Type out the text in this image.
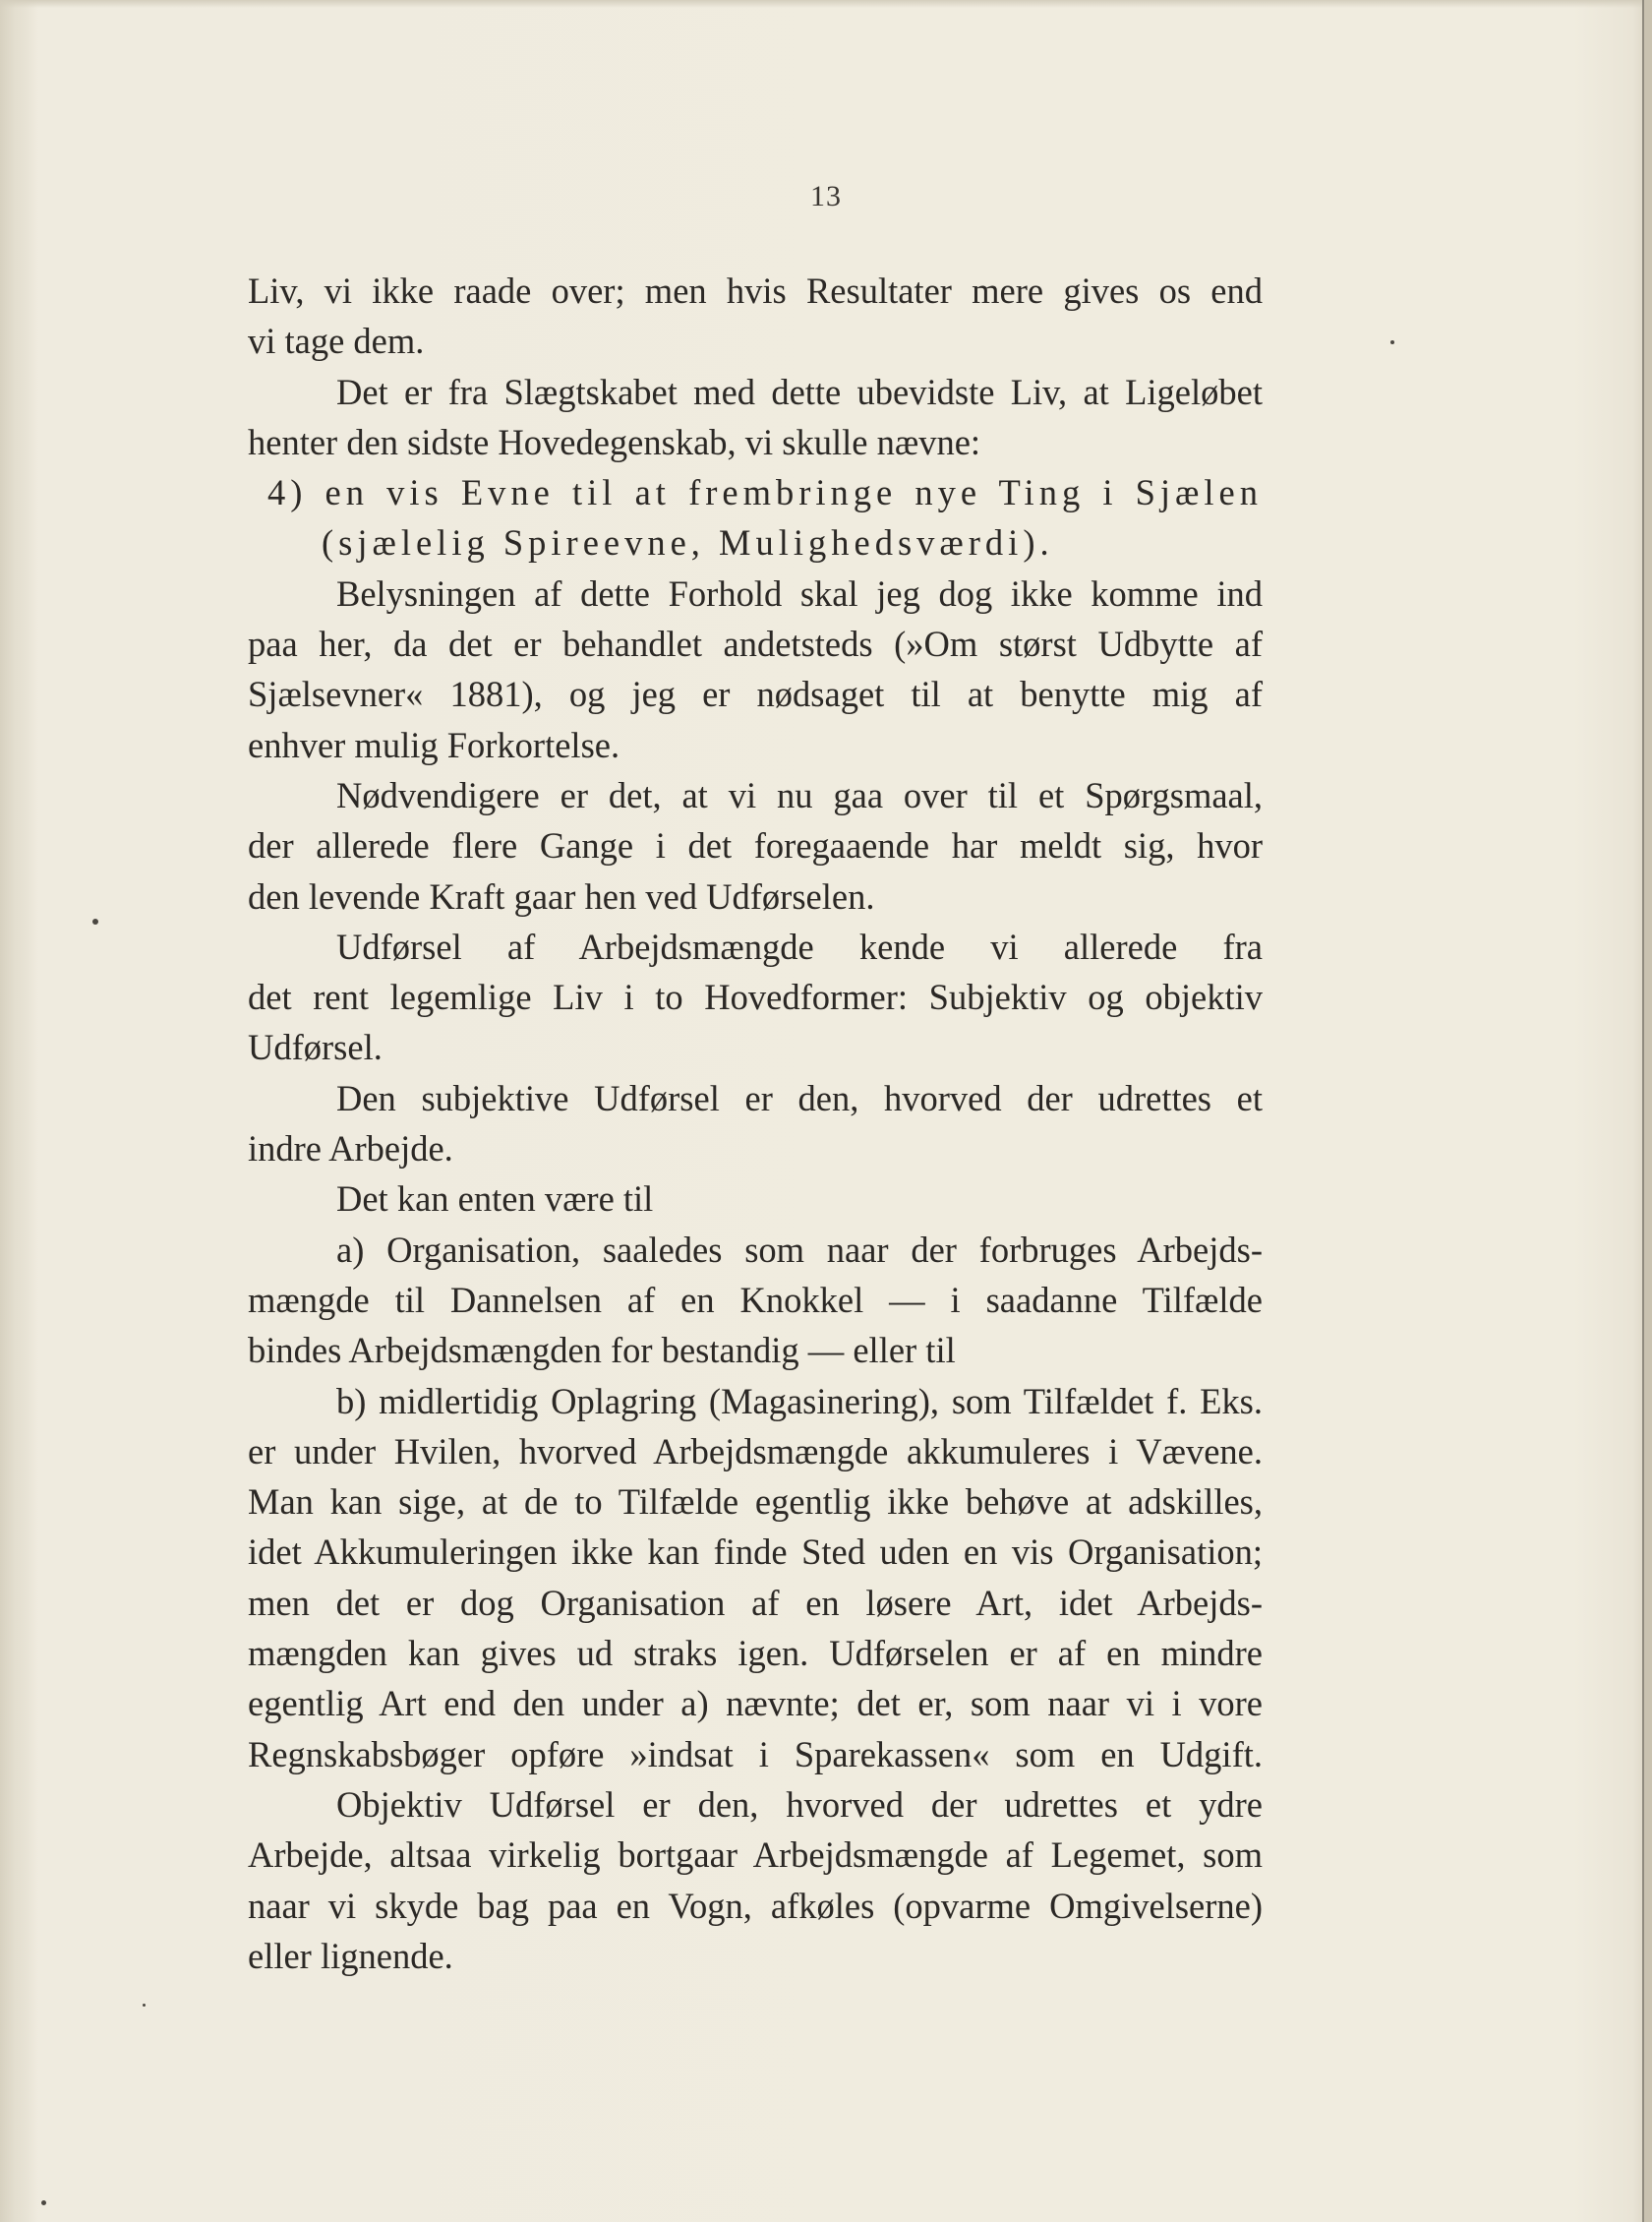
13
Liv, vi ikke raade over; men hvis Resultater mere gives os end
vi tage dem.
Det er fra Slægtskabet med dette ubevidste Liv, at Ligeløbet
henter den sidste Hovedegenskab, vi skulle nævne:
4) en vis Evne til at frembringe nye Ting i Sjælen
(sjælelig Spireevne, Mulighedsværdi).
Belysningen af dette Forhold skal jeg dog ikke komme ind
paa her, da det er behandlet andetsteds (»Om størst Udbytte af
Sjælsevner« 1881), og jeg er nødsaget til at benytte mig af
enhver mulig Forkortelse.
Nødvendigere er det, at vi nu gaa over til et Spørgsmaal,
der allerede flere Gange i det foregaaende har meldt sig, hvor
den levende Kraft gaar hen ved Udførselen.
Udførsel af Arbejdsmængde kende vi allerede fra
det rent legemlige Liv i to Hovedformer: Subjektiv og objektiv
Udførsel.
Den subjektive Udførsel er den, hvorved der udrettes et
indre Arbejde.
Det kan enten være til
a) Organisation, saaledes som naar der forbruges Arbejds-
mængde til Dannelsen af en Knokkel — i saadanne Tilfælde
bindes Arbejdsmængden for bestandig — eller til
b) midlertidig Oplagring (Magasinering), som Tilfældet f. Eks.
er under Hvilen, hvorved Arbejdsmængde akkumuleres i Vævene.
Man kan sige, at de to Tilfælde egentlig ikke behøve at adskilles,
idet Akkumuleringen ikke kan finde Sted uden en vis Organisation;
men det er dog Organisation af en løsere Art, idet Arbejds-
mængden kan gives ud straks igen. Udførselen er af en mindre
egentlig Art end den under a) nævnte; det er, som naar vi i vore
Regnskabsbøger opføre »indsat i Sparekassen« som en Udgift.
Objektiv Udførsel er den, hvorved der udrettes et ydre
Arbejde, altsaa virkelig bortgaar Arbejdsmængde af Legemet, som
naar vi skyde bag paa en Vogn, afkøles (opvarme Omgivelserne)
eller lignende.
